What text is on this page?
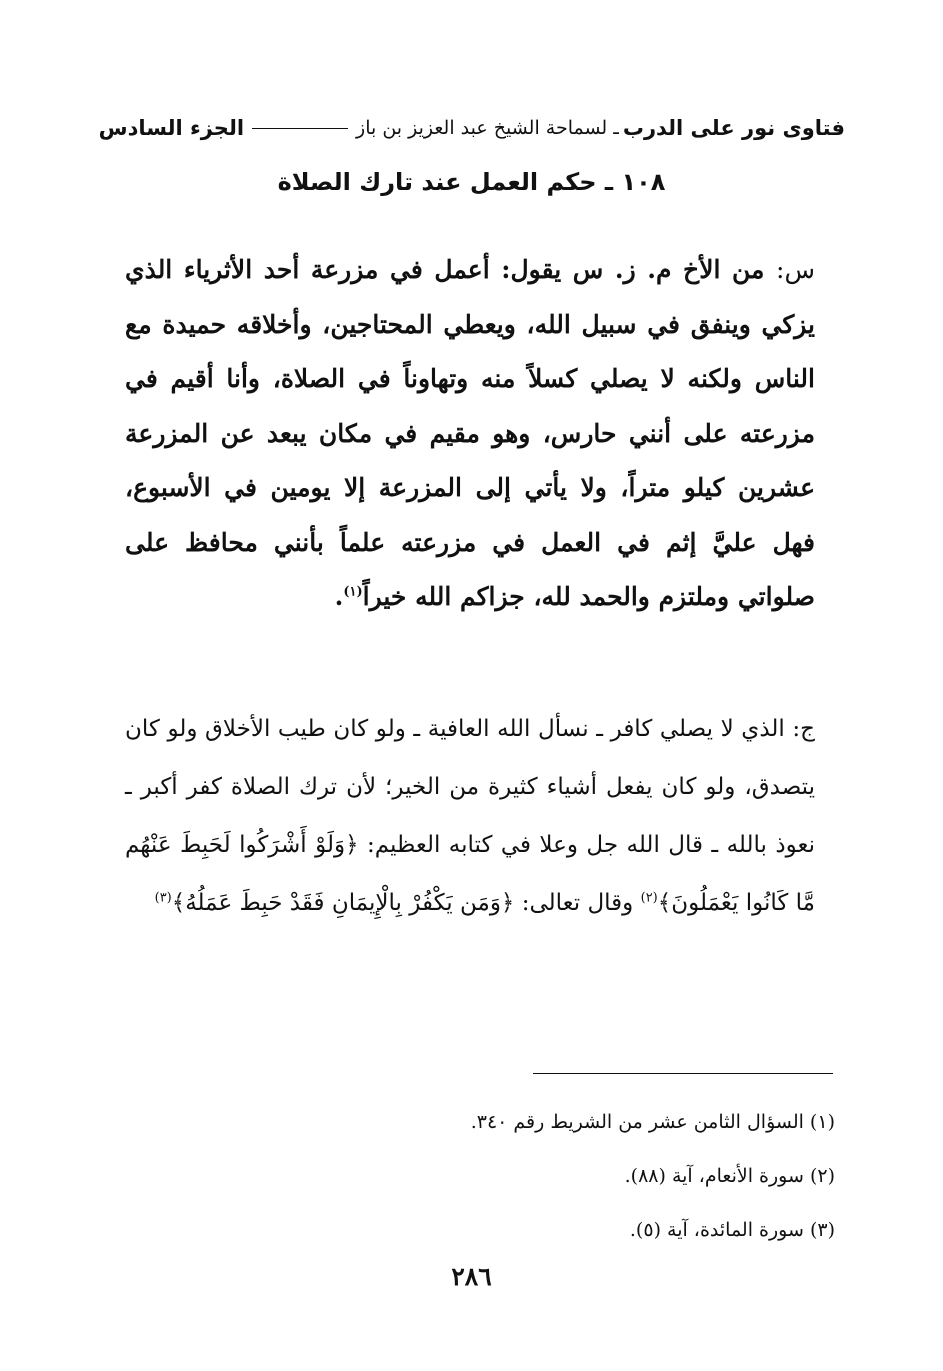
فتاوى نور على الدرب
ـ لسماحة الشيخ عبد العزيز بن باز
الجزء السادس
١٠٨ ـ حكم العمل عند تارك الصلاة
س: من الأخ م. ز. س يقول: أعمل في مزرعة أحد الأثرياء الذي يزكي وينفق في سبيل الله، ويعطي المحتاجين، وأخلاقه حميدة مع الناس ولكنه لا يصلي كسلاً منه وتهاوناً في الصلاة، وأنا أقيم في مزرعته على أنني حارس، وهو مقيم في مكان يبعد عن المزرعة عشرين كيلو متراً، ولا يأتي إلى المزرعة إلا يومين في الأسبوع، فهل عليَّ إثم في العمل في مزرعته علماً بأنني محافظ على صلواتي وملتزم والحمد لله، جزاكم الله خيراً$^{(١)}$.
ج: الذي لا يصلي كافر ـ نسأل الله العافية ـ ولو كان طيب الأخلاق ولو كان يتصدق، ولو كان يفعل أشياء كثيرة من الخير؛ لأن ترك الصلاة كفر أكبر ـ نعوذ بالله ـ قال الله جل وعلا في كتابه العظيم: ﴿وَلَوْ أَشْرَكُوا لَحَبِطَ عَنْهُم مَّا كَانُوا يَعْمَلُونَ﴾$^{(٢)}$ وقال تعالى: ﴿وَمَن يَكْفُرْ بِالْإِيمَانِ فَقَدْ حَبِطَ عَمَلُهُ﴾$^{(٣)}$
(١) السؤال الثامن عشر من الشريط رقم ٣٤٠.
(٢) سورة الأنعام، آية (٨٨).
(٣) سورة المائدة، آية (٥).
٢٨٦
